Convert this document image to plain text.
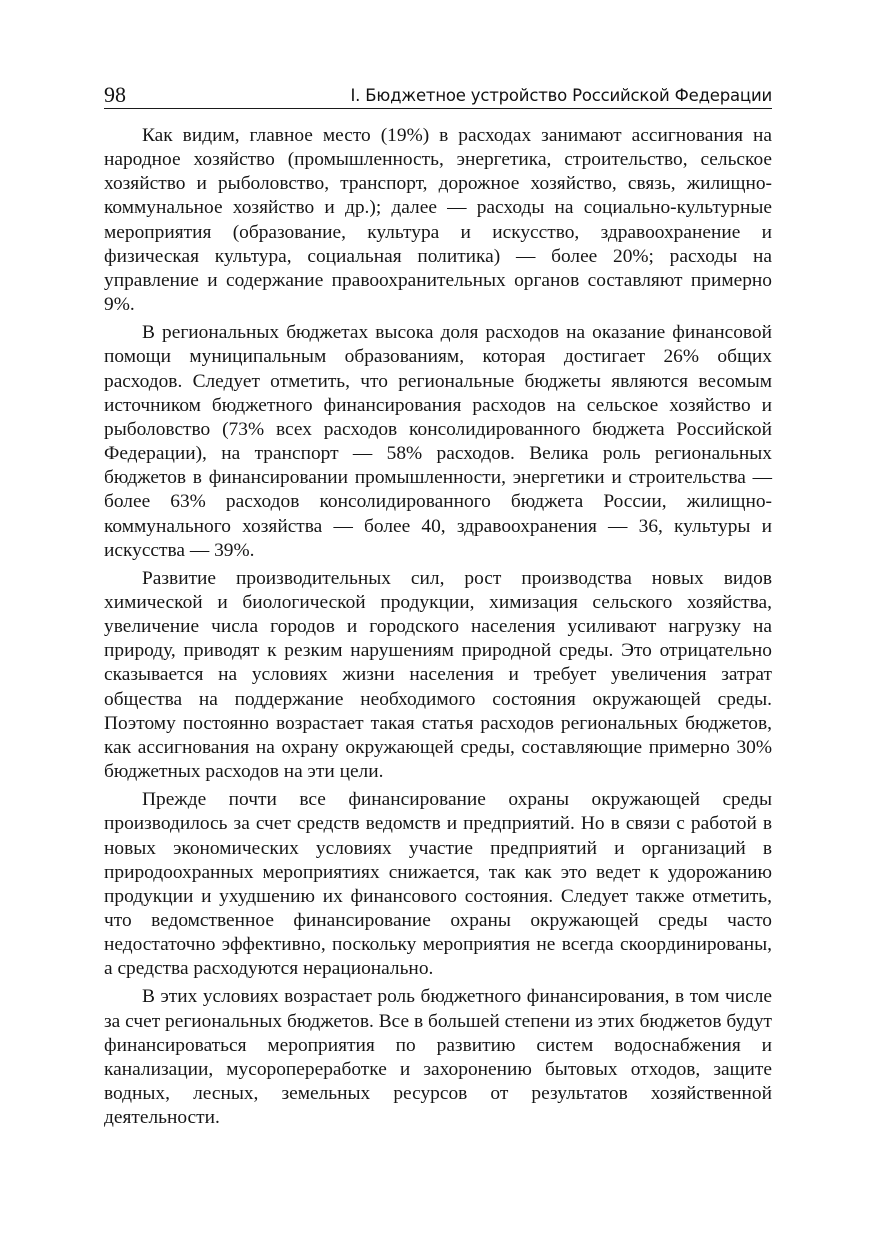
98	I. Бюджетное устройство Российской Федерации

Как видим, главное место (19%) в расходах занимают ассигнования на народное хозяйство (промышленность, энергетика, строительство, сельское хозяйство и рыболовство, транспорт, дорожное хозяйство, связь, жилищно-коммунальное хозяйство и др.); далее — расходы на социально-культурные мероприятия (образование, культура и искусство, здравоохранение и физическая культура, социальная политика) — более 20%; расходы на управление и содержание правоохранительных органов составляют примерно 9%.

В региональных бюджетах высока доля расходов на оказание финансовой помощи муниципальным образованиям, которая достигает 26% общих расходов. Следует отметить, что региональные бюджеты являются весомым источником бюджетного финансирования расходов на сельское хозяйство и рыболовство (73% всех расходов консолидированного бюджета Российской Федерации), на транспорт — 58% расходов. Велика роль региональных бюджетов в финансировании промышленности, энергетики и строительства — более 63% расходов консолидированного бюджета России, жилищно-коммунального хозяйства — более 40, здравоохранения — 36, культуры и искусства — 39%.

Развитие производительных сил, рост производства новых видов химической и биологической продукции, химизация сельского хозяйства, увеличение числа городов и городского населения усиливают нагрузку на природу, приводят к резким нарушениям природной среды. Это отрицательно сказывается на условиях жизни населения и требует увеличения затрат общества на поддержание необходимого состояния окружающей среды. Поэтому постоянно возрастает такая статья расходов региональных бюджетов, как ассигнования на охрану окружающей среды, составляющие примерно 30% бюджетных расходов на эти цели.

Прежде почти все финансирование охраны окружающей среды производилось за счет средств ведомств и предприятий. Но в связи с работой в новых экономических условиях участие предприятий и организаций в природоохранных мероприятиях снижается, так как это ведет к удорожанию продукции и ухудшению их финансового состояния. Следует также отметить, что ведомственное финансирование охраны окружающей среды часто недостаточно эффективно, поскольку мероприятия не всегда скоординированы, а средства расходуются нерационально.

В этих условиях возрастает роль бюджетного финансирования, в том числе за счет региональных бюджетов. Все в большей степени из этих бюджетов будут финансироваться мероприятия по развитию систем водоснабжения и канализации, мусоропереработке и захоронению бытовых отходов, защите водных, лесных, земельных ресурсов от результатов хозяйственной деятельности.
